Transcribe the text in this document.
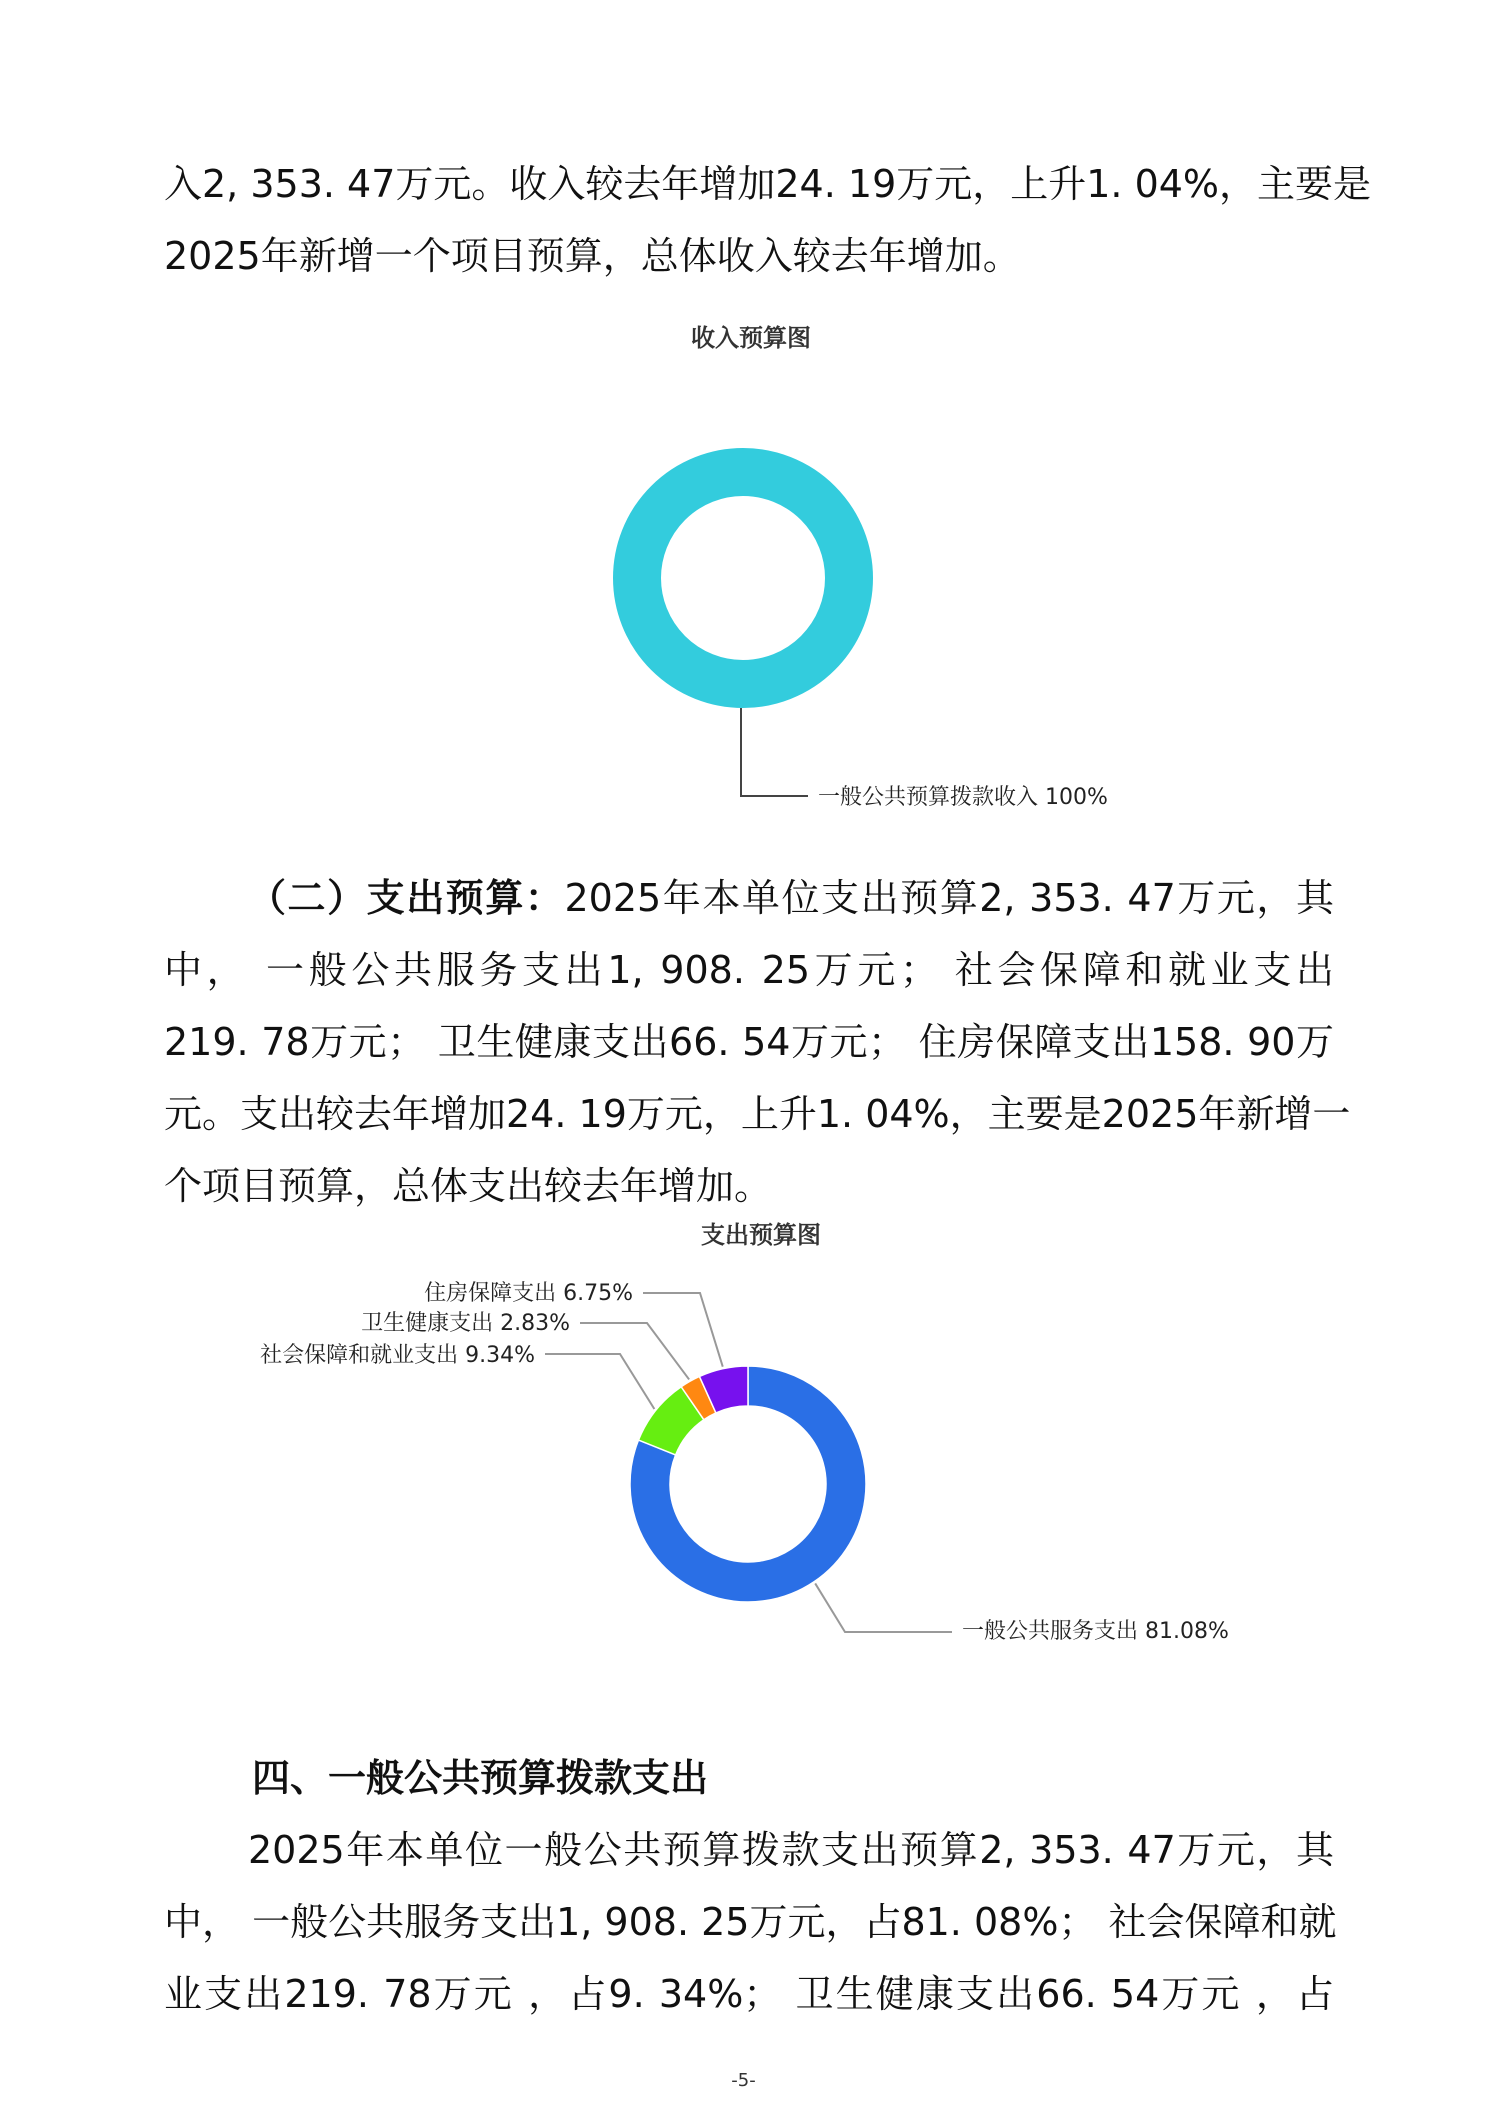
入2, 353. 47万元。收入较去年增加24. 19万元，上升1. 04%，主要是
2025年新增一个项目预算，总体收入较去年增加。
收入预算图
一般公共预算拨款收入 100%
（二）支出预算：2025年本单位支出预算2, 353. 47万元，其
中， 一般公共服务支出1, 908. 25万元； 社会保障和就业支出
219. 78万元； 卫生健康支出66. 54万元； 住房保障支出158. 90万
元。支出较去年增加24. 19万元，上升1. 04%，主要是2025年新增一
个项目预算，总体支出较去年增加。
支出预算图
一般公共服务支出 81.08%
社会保障和就业支出 9.34%
卫生健康支出 2.83%
住房保障支出 6.75%
四、一般公共预算拨款支出
2025年本单位一般公共预算拨款支出预算2, 353. 47万元，其
中， 一般公共服务支出1, 908. 25万元，占81. 08%； 社会保障和就
业支出219. 78万元 ，占9. 34%； 卫生健康支出66. 54万元 ，占
-5-
